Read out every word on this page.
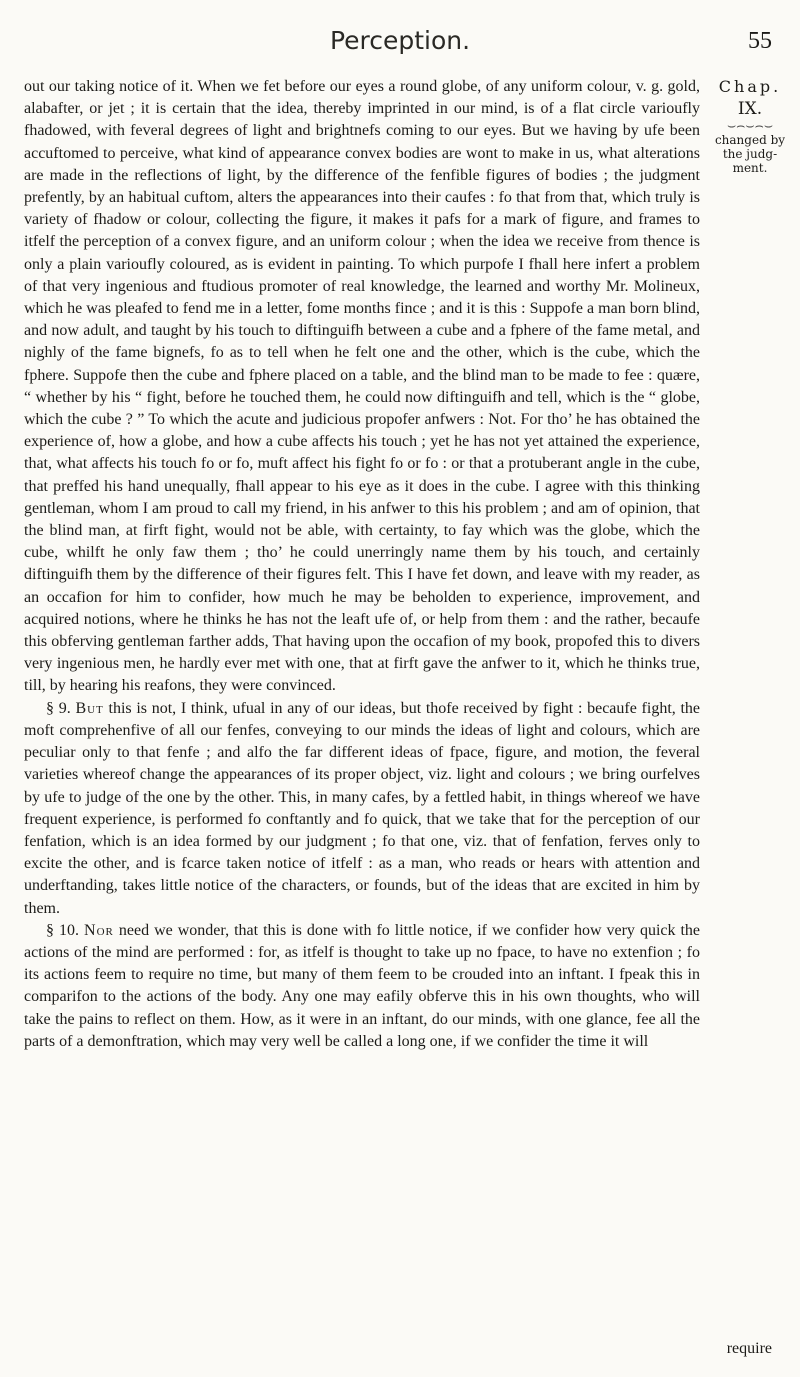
Perception.	55
Chap.
IX.
⌣⌢⌣⌢⌣
changed by
the judg-
ment.

out our taking notice of it. When we fet before our eyes a round globe, of any uniform colour, v. g. gold, alabafter, or jet ; it is certain that the idea, thereby imprinted in our mind, is of a flat circle varioufly fhadowed, with feveral degrees of light and brightnefs coming to our eyes. But we having by ufe been accuftomed to perceive, what kind of appearance convex bodies are wont to make in us, what alterations are made in the reflections of light, by the difference of the fenfible figures of bodies ; the judgment prefently, by an habitual cuftom, alters the appearances into their caufes : fo that from that, which truly is variety of fhadow or colour, collecting the figure, it makes it pafs for a mark of figure, and frames to itfelf the perception of a convex figure, and an uniform colour ; when the idea we receive from thence is only a plain varioufly coloured, as is evident in painting. To which purpofe I fhall here infert a problem of that very ingenious and ftudious promoter of real knowledge, the learned and worthy Mr. Molineux, which he was pleafed to fend me in a letter, fome months fince ; and it is this : Suppofe a man born blind, and now adult, and taught by his touch to diftinguifh between a cube and a fphere of the fame metal, and nighly of the fame bignefs, fo as to tell when he felt one and the other, which is the cube, which the fphere. Suppofe then the cube and fphere placed on a table, and the blind man to be made to fee : quære, “ whether by his “ fight, before he touched them, he could now diftinguifh and tell, which is the “ globe, which the cube ? ” To which the acute and judicious propofer anfwers : Not. For tho’ he has obtained the experience of, how a globe, and how a cube affects his touch ; yet he has not yet attained the experience, that, what affects his touch fo or fo, muft affect his fight fo or fo : or that a protuberant angle in the cube, that preffed his hand unequally, fhall appear to his eye as it does in the cube. I agree with this thinking gentleman, whom I am proud to call my friend, in his anfwer to this his problem ; and am of opinion, that the blind man, at firft fight, would not be able, with certainty, to fay which was the globe, which the cube, whilft he only faw them ; tho’ he could unerringly name them by his touch, and certainly diftinguifh them by the difference of their figures felt. This I have fet down, and leave with my reader, as an occafion for him to confider, how much he may be beholden to experience, improvement, and acquired notions, where he thinks he has not the leaft ufe of, or help from them : and the rather, becaufe this obferving gentleman farther adds, That having upon the occafion of my book, propofed this to divers very ingenious men, he hardly ever met with one, that at firft gave the anfwer to it, which he thinks true, till, by hearing his reafons, they were convinced.

§ 9. But this is not, I think, ufual in any of our ideas, but thofe received by fight : becaufe fight, the moft comprehenfive of all our fenfes, conveying to our minds the ideas of light and colours, which are peculiar only to that fenfe ; and alfo the far different ideas of fpace, figure, and motion, the feveral varieties whereof change the appearances of its proper object, viz. light and colours ; we bring ourfelves by ufe to judge of the one by the other. This, in many cafes, by a fettled habit, in things whereof we have frequent experience, is performed fo conftantly and fo quick, that we take that for the perception of our fenfation, which is an idea formed by our judgment ; fo that one, viz. that of fenfation, ferves only to excite the other, and is fcarce taken notice of itfelf : as a man, who reads or hears with attention and underftanding, takes little notice of the characters, or founds, but of the ideas that are excited in him by them.

§ 10. Nor need we wonder, that this is done with fo little notice, if we confider how very quick the actions of the mind are performed : for, as itfelf is thought to take up no fpace, to have no extenfion ; fo its actions feem to require no time, but many of them feem to be crouded into an inftant. I fpeak this in comparifon to the actions of the body. Any one may eafily obferve this in his own thoughts, who will take the pains to reflect on them. How, as it were in an inftant, do our minds, with one glance, fee all the parts of a demonftration, which may very well be called a long one, if we confider the time it will

require
